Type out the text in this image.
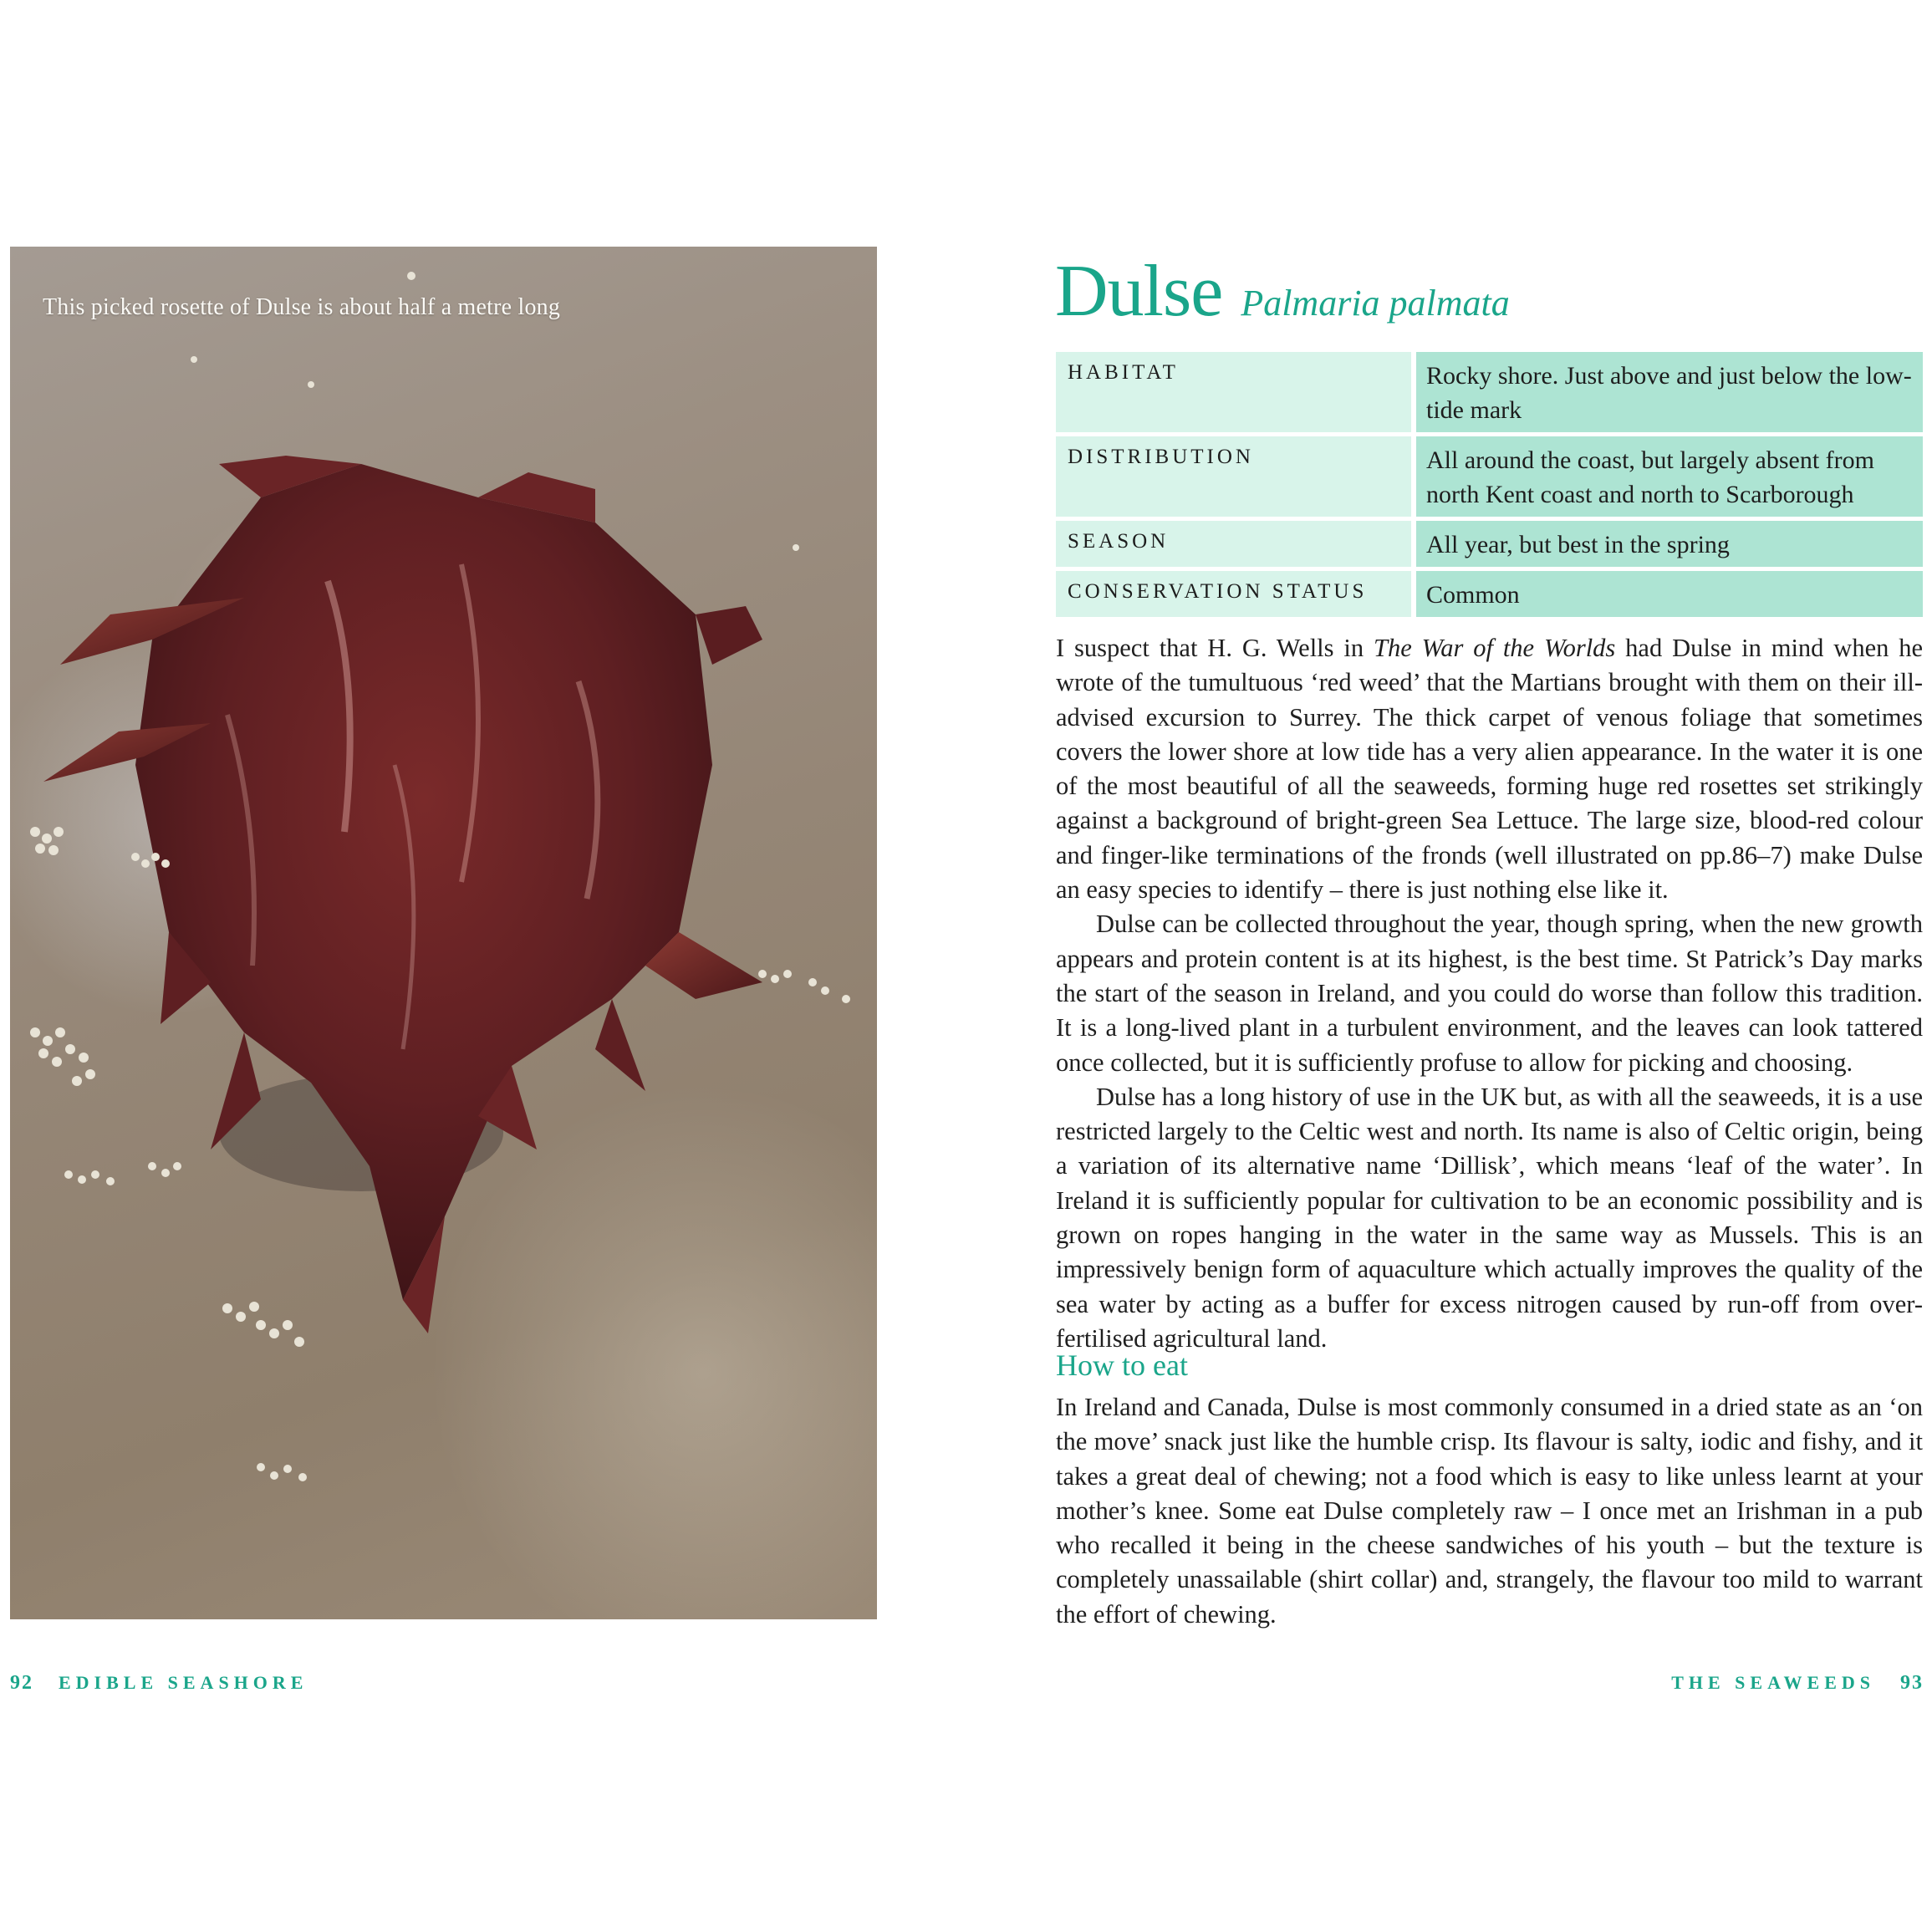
This picked rosette of Dulse is about half a metre long
92 EDIBLE SEASHORE
Dulse Palmaria palmata
HABITAT	Rocky shore. Just above and just below the low-tide mark
DISTRIBUTION	All around the coast, but largely absent from north Kent coast and north to Scarborough
SEASON	All year, but best in the spring
CONSERVATION STATUS	Common

I suspect that H. G. Wells in The War of the Worlds had Dulse in mind when he wrote of the tumultuous ‘red weed’ that the Martians brought with them on their ill-advised excursion to Surrey. The thick carpet of venous foliage that sometimes covers the lower shore at low tide has a very alien appearance. In the water it is one of the most beautiful of all the seaweeds, forming huge red rosettes set strikingly against a background of bright-green Sea Lettuce. The large size, blood-red colour and finger-like terminations of the fronds (well illustrated on pp.86–7) make Dulse an easy species to identify – there is just nothing else like it.

Dulse can be collected throughout the year, though spring, when the new growth appears and protein content is at its highest, is the best time. St Patrick’s Day marks the start of the season in Ireland, and you could do worse than follow this tradition. It is a long-lived plant in a turbulent environment, and the leaves can look tattered once collected, but it is sufficiently profuse to allow for picking and choosing.

Dulse has a long history of use in the UK but, as with all the seaweeds, it is a use restricted largely to the Celtic west and north. Its name is also of Celtic origin, being a variation of its alternative name ‘Dillisk’, which means ‘leaf of the water’. In Ireland it is sufficiently popular for cultivation to be an economic possibility and is grown on ropes hanging in the water in the same way as Mussels. This is an impressively benign form of aquaculture which actually improves the quality of the sea water by acting as a buffer for excess nitrogen caused by run-off from over-fertilised agricultural land.

How to eat

In Ireland and Canada, Dulse is most commonly consumed in a dried state as an ‘on the move’ snack just like the humble crisp. Its flavour is salty, iodic and fishy, and it takes a great deal of chewing; not a food which is easy to like unless learnt at your mother’s knee. Some eat Dulse completely raw – I once met an Irishman in a pub who recalled it being in the cheese sandwiches of his youth – but the texture is completely unassailable (shirt collar) and, strangely, the flavour too mild to warrant the effort of chewing.

THE SEAWEEDS 93
